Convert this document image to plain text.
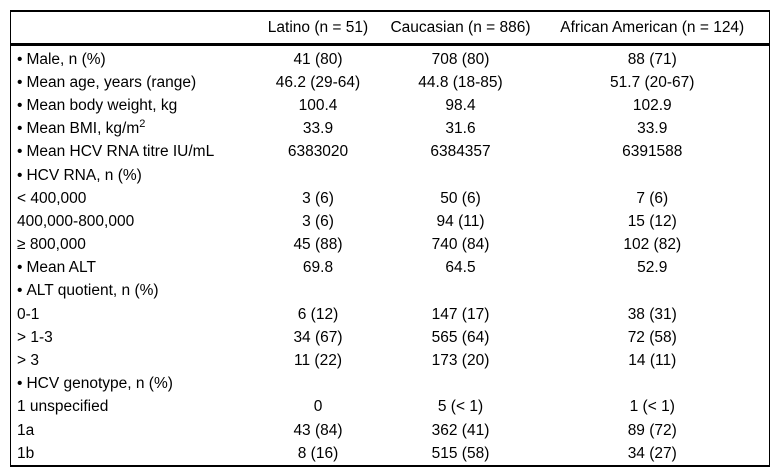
	Latino (n = 51)	Caucasian (n = 886)	African American (n = 124)
• Male, n (%)	41 (80)	708 (80)	88 (71)
• Mean age, years (range)	46.2 (29-64)	44.8 (18-85)	51.7 (20-67)
• Mean body weight, kg	100.4	98.4	102.9
• Mean BMI, $kg/m^2$	33.9	31.6	33.9
• Mean HCV RNA titre IU/mL	6383020	6384357	6391588
• HCV RNA, n (%)			
< 400,000	3 (6)	50 (6)	7 (6)
400,000-800,000	3 (6)	94 (11)	15 (12)
≥ 800,000	45 (88)	740 (84)	102 (82)
• Mean ALT	69.8	64.5	52.9
• ALT quotient, n (%)			
0-1	6 (12)	147 (17)	38 (31)
> 1-3	34 (67)	565 (64)	72 (58)
> 3	11 (22)	173 (20)	14 (11)
• HCV genotype, n (%)			
1 unspecified	0	5 (< 1)	1 (< 1)
1a	43 (84)	362 (41)	89 (72)
1b	8 (16)	515 (58)	34 (27)
